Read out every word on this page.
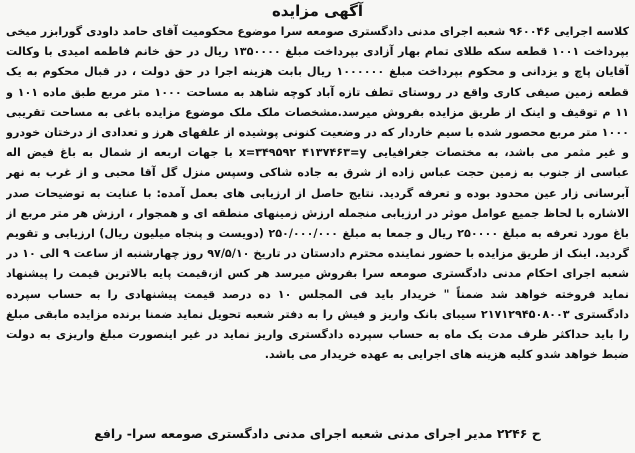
آگهی مزایده

کلاسه اجرایی ۹۶۰۰۴۶ شعبه اجرای مدنی دادگستری صومعه سرا موضوع محکومیت آقای حامد داودی گورابزر میخی بپرداخت ۱۰۰۱ قطعه سکه طلای تمام بهار آزادی بپرداخت مبلغ ۱۳۵۰۰۰۰ ریال در حق خانم فاطمه امیدی با وکالت آقایان پاچ و یزدانی و محکوم بپرداخت مبلغ ۱۰۰۰۰۰۰ ریال بابت هزینه اجرا در حق دولت ، در قبال محکوم به یک قطعه زمین صیفی کاری واقع در روستای تطف تازه آباد کوچه شاهد به مساحت ۱۰۰۰ متر مربع طبق ماده ۱۰۱ و ۱۱ م توقیف و اینک از طریق مزایده بفروش میرسد.مشخصات ملک ملک موضوع مزایده باغی به مساحت تقریبی ۱۰۰۰ متر مربع محصور شده با سیم خاردار که در وضعیت کنونی پوشیده از علفهای هرز و تعدادی از درختان خودرو و غیر مثمر می باشد، به مختصات جغرافیایی x=۳۴۹۵۹۲ ۴۱۳۷۴۶۳=y با جهات اربعه از شمال به باغ فیض اله عباسی از جنوب به زمین حجت عباس زاده از شرق به جاده شاکی وسپس منزل گل آقا محبی و از غرب به نهر آبرسانی زار عین محدود بوده و تعرفه گردید. نتایج حاصل از ارزیابی های بعمل آمده: با عنایت به توضیحات صدر الاشاره با لحاظ جمیع عوامل موثر در ارزیابی منجمله ارزش زمینهای منطقه ای و همجوار ، ارزش هر متر مربع از باغ مورد تعرفه به مبلغ ۲۵۰۰۰۰ ریال و جمعا به مبلغ ۲۵۰/۰۰۰/۰۰۰ (دویست و پنجاه میلیون ریال) ارزیابی و تقویم گردید. اینک از طریق مزایده با حضور نماینده محترم دادستان در تاریخ ۹۷/۵/۱۰ روز چهارشنبه از ساعت ۹ الی ۱۰ در شعبه اجرای احکام مدنی دادگستری صومعه سرا بفروش میرسد هر کس از،قیمت پایه بالاترین قیمت را پیشنهاد نماید فروخته خواهد شد ضمناً " خریدار باید فی المجلس ۱۰ ده درصد قیمت پیشنهادی را به حساب سپرده دادگستری ۲۱۷۱۲۹۴۵۰۸۰۰۳ سیبای بانک واریز و فیش را به دفتر شعبه تحویل نماید ضمنا برنده مزایده مابقی مبلغ را باید حداکثر ظرف مدت یک ماه به حساب سپرده دادگستری واریز نماید در غیر اینصورت مبلغ واریزی به دولت ضبط خواهد شدو کلیه هزینه های اجرایی به عهده خریدار می باشد.

ح ۲۲۴۶ مدیر اجرای مدنی شعبه اجرای مدنی دادگستری صومعه سرا- رافع
